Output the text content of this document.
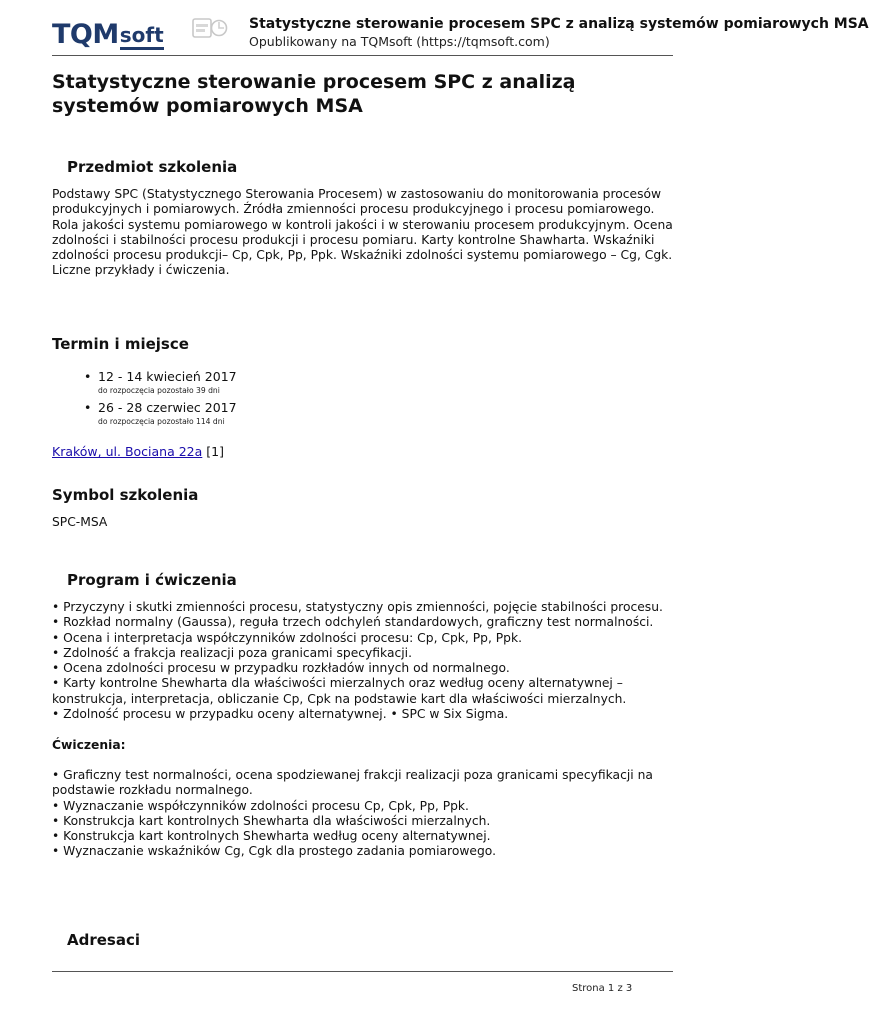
TQM soft	Statystyczne sterowanie procesem SPC z analizą systemów pomiarowych MSA
Opublikowany na TQMsoft (https://tqmsoft.com)
Statystyczne sterowanie procesem SPC z analizą systemów pomiarowych MSA
Przedmiot szkolenia

Podstawy SPC (Statystycznego Sterowania Procesem) w zastosowaniu do monitorowania procesów produkcyjnych i pomiarowych. Źródła zmienności procesu produkcyjnego i procesu pomiarowego. Rola jakości systemu pomiarowego w kontroli jakości i w sterowaniu procesem produkcyjnym. Ocena zdolności i stabilności procesu produkcji i procesu pomiaru. Karty kontrolne Shawharta. Wskaźniki zdolności procesu produkcji– Cp, Cpk, Pp, Ppk. Wskaźniki zdolności systemu pomiarowego – Cg, Cgk. Liczne przykłady i ćwiczenia.

Termin i miejsce
• 12 - 14 kwiecień 2017
do rozpoczęcia pozostało 39 dni
• 26 - 28 czerwiec 2017
do rozpoczęcia pozostało 114 dni
Kraków, ul. Bociana 22a [1]
Symbol szkolenia

SPC-MSA

Program i ćwiczenia
• Przyczyny i skutki zmienności procesu, statystyczny opis zmienności, pojęcie stabilności procesu.
• Rozkład normalny (Gaussa), reguła trzech odchyleń standardowych, graficzny test normalności.
• Ocena i interpretacja współczynników zdolności procesu: Cp, Cpk, Pp, Ppk.
• Zdolność a frakcja realizacji poza granicami specyfikacji.
• Ocena zdolności procesu w przypadku rozkładów innych od normalnego.
• Karty kontrolne Shewharta dla właściwości mierzalnych oraz według oceny alternatywnej –
konstrukcja, interpretacja, obliczanie Cp, Cpk na podstawie kart dla właściwości mierzalnych.
• Zdolność procesu w przypadku oceny alternatywnej. • SPC w Six Sigma.
Ćwiczenia:
• Graficzny test normalności, ocena spodziewanej frakcji realizacji poza granicami specyfikacji na
podstawie rozkładu normalnego.
• Wyznaczanie współczynników zdolności procesu Cp, Cpk, Pp, Ppk.
• Konstrukcja kart kontrolnych Shewharta dla właściwości mierzalnych.
• Konstrukcja kart kontrolnych Shewharta według oceny alternatywnej.
• Wyznaczanie wskaźników Cg, Cgk dla prostego zadania pomiarowego.
Adresaci
Strona 1 z 3
